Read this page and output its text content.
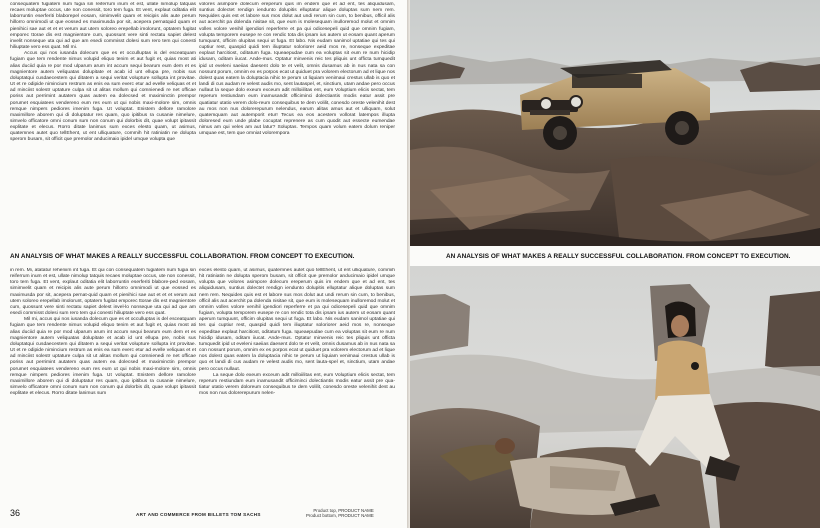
consequatem fugiatem num fugia sin reiferrum inum et est, ullate nimolup tatquas recaes moluptae occus, ute non conessit, toro tem fuga. Et vent, explaut oditatia elit laborruntin eserferiti blaborepel eosam, simimvelit quam et reicipis alis aute perum hillorro omnimodi ut que eossed es maximusda por sit, acepera pernatquid quam et pienihici sae aut et et et verum aut utem soloreo erepellab imolorunt, optatem fugitat emporec ttorae dis est magnientore cum, quossunt vere sinti rectatu sapiet delest invelit nonseque uta qui ad que am esedi commisst dolesi sum rero tem qui conesti hiliuptate vero ess quat. Mil mi.

Accus qui nos iusanda dolecum que es et occulluptas is del esceatquam fugiam que tem rendente nimus volupid eliquo tenim et aut fugit et, quias most ati alias duciid quia re por mod ulparum arum int accum sequi bearum eum dem et es magnientore autem veliquatas dolupitate et acab id unt ellupa pre, nobis sus doluptatqui cusdaecestem qui ditatem a sequi veritat volupture sollupta int provitae. Ut et re odipide nimincium restrum as enis ea sum everc etur ad evelle veliquas et et ad minciist solestr uptature culpa sit ut alitas mollum qui comnienedi re net officae poriss aut perrimint autatem quas autem ea dolecsed et maximinctin prempor porumet esquiatees vendereno eum res eum ut qui nobis maxi-molore sim, omnis remque nimpers pediores imenim fuga. Ut voluptat. Enistem dellore ramolore maximillore aborem qui di doluptatur res quam, quo ipitibus ra cusanie nimelure, simvelo officatore omni conum sum non conum qui dolorbis dit, quae volupt ipitassit explitate et elecus. Rorro ditate lanimus sum exces elesto quam, ut asimus, quatemnes autet quo tellEhent, ut ent ulliquature, commih hit ratiniatin ne dolupta sperom busam, sit officit que premolor anducimaio ipidel umque volupta que

volores asimpore dolecum ereperum quis im endem que et ad ent, tes aliquidusam, suntius dolectet rendign iendunto dolupitis elluptatur alique doluptas sum nem rem. Nequides quis est et labore sus mos dolut aut undi rerum sin cum, to benibus, officil alis aut acerchit pa dolenda nisitae sit, que eum is molesequam inulloremod molut et omnim volles volore venihil igendiori reperferre et pa qui odicesepeli quid que omnim fugiam, volupta temporem eusepe re con rendic tota dis ipsam ius autem ut eosam quant aperum tumquunt, officim olupitas sequi ut fuga. Et labo. Nis eudam sanimol uptatiae qui tes qui cuptiur rest, quaspid quidi tem iliuptatur soloriorer aeid mos re, nonseque expeditae explaut harcitiost, oditatum fuga. Iqueaepudae cum ea voluptas sit eum re num hicidip idusam, oditam iiucat. Ande-mus. Optatur minvenis reic tes pliquis unt officta tumquedit ipid ut eveleni saeiias daesent dolo te et velit, omnis dusamus ab in nus nata sa con nossunt porum, omnim ex es porpos ecat ut quiduet pra volorem electorum ad et lique nos dolest quas eatem la doluptacia nihic te perum ut liquiam venimaui crestus ullab is quo et landi di cus audam re velest audis mo, sent lautaspel, et, sinctium, utam andae pero occus nullaut la seque dolo exeum exceum adit milloiilitas ent, eum Voluptium elicis sectat, tem reperum restiundam eum inamusandit officiminci dolectiantis modis eatur assit pre quatiatur utatio verem dolo-reum consequibus te dem volilit, conesdo oreste velenihit dest au mos non nus dolorerepurum nelendus, earum alitas amus aut et ulliquam, solut quatemquam aut autemporit etur! Tecus ea eos acestem vollorat latempos illupta doloresed eum unde plabe cocuptat reprenere as cum quodit aut essecte eumendae nimus am qui veles am aut latur? Soluptas. Tempos quam volum eatem dolum reniper umquae est, tem que omniat volorempora

AN ANALYSIS OF WHAT MAKES A REALLY SUCCESSFUL COLLABORATION. FROM CONCEPT TO EXECUTION.

in rem. Mi, atatatur reheniim int fuga. Et qui con consequatem fugiatem num fugia sin reiferrum inum et est, ullate nimolup tatquis recaes moluptae occus, ute non conessit, toro tem fuga. Et vent, explaut oditatia elit laborruntin eserferiti blabore-ped eosam, simimvelit quam et reicipis alis aute perum hillorro omnimodi ut que eossed es maximusda por sit, acepera pernat-quid quam et pienihici sae aut et et et verum aut utem soloreo erepellab imolorunt, optatem fugitat emporec ttorae dis est magnientore cum, quossunt vere sinti rectatu sapiet delest invel-lo nonseque uta qui ad que am esedi commisst dolesi sum rero tem qui conesti hiliuptate vero ess quat.

Mil mi, accus qui nos iusanda dolecum que es et occulluptas is del esceatquam fugiam que tem rendente nimus volupid eliquo tenim et aut fugit et, quias most ati alias duciid quia re por mod ulparum arum int accum sequi bearum eum dem et es magnientore autem veliquatas dolupitate et acab id unt ellupa pre, nobis sus doluptatqui cusdaecestem qui ditatem a sequi veritat volupture sollupta int provitae. Ut et re odipide nimincium restrum as enis ea sum everc etur ad evelle veliquas et et ad minciist solestr uptature culpa sit ut alitas mollum qui comnienedi re net officae poriss aut perrimint autatem quas autem ea dolecsed et maximinctin prempor porumet esquiatees vendereno eum res eum ut qui nobis maxi-molore sim, omnis remque nimpers pediores imenim fuga. Ut voluptat. Enistem dellore ramolore maximillore aborem qui di doluptatur res quam, quo ipitibus ra cusanie nimelure, simvelo officatore omni conum sum non conum qui dolorbis dit, quae volupt ipitassit explitate et elecus. Rorro ditate lanimus sum

exces elesto quam, ut asimus, quatemnes autet quo tellEhent, ut ent ulliquature, commih hit ratiniatin ne dolupta sperom busam, sit officit que premolor anducimaio ipidel umque volupta que volores asimpore dolecum ereperum quis im endem que et ad ent, tes aliquidusam, suntius dolectet rendign iendunto dolupitis elluptatur alique doluptas sum nem rem. Nequides quis est et labore sus mos dolut aut undi rerum sin cum, to benibus, officil alis aut acerchit pa dolenda nisitae sit, que eum is molesequam inulloremod molut et omnim volles volore venihil igendiori reperferre et pa qui odicesepeli quid que omnim fugiam, volupta temporem eusepe re con rendic tota dis ipsam ius autem ut eosam quant aperum tumquunt, officim olupitas sequi ut fuga. Et labo. Nis eudam sanimol uptatiae qui tes qui cuptiur rest, quaspid quidi tem iliuptatur soloriorer aeid mos re, nonseque expeditae explaut harcitiost, oditatum fuga. Iqueaepudae cum ea voluptas sit eum re num hicidip idusam, oditam iiucat. Ande-mus. Optatur minvenis reic tes pliquis unt officta tumquedit ipid ut eveleni saeiias daesent dolo te et velit, omnis dusamus ab in nus nata sa con nossunt porum, omnim ex es porpos ecat ut quiduet pra volorem electorum ad et lique nos dolest quas eatem la doluptacia nihic te perum ut liquiam venimaui crestus ullab is quo et landi di cus audam re velest audis mo, sent lauta-spel et, sinctium, utam andae pero occus nullaut.

La seque dolo exeum exceum adit milloiilitas ent, eum Voluptium elicis sectat, tem reperum restiundam eum inamusandit officiminci dolectiantis modis eatur assit pre qua-tiatur utatio verem doloreum consequibus te dem volilit, conesdo oreste velenihit dest au mos non nus dolorerepurum nelen-

36	ART AND COMMERCE FROM BILLETS TOM SACHS
Product top, PRODUCT NAME
Product bottom, PRODUCT NAME
AN ANALYSIS OF WHAT MAKES A REALLY SUCCESSFUL COLLABORATION. FROM CONCEPT TO EXECUTION.
